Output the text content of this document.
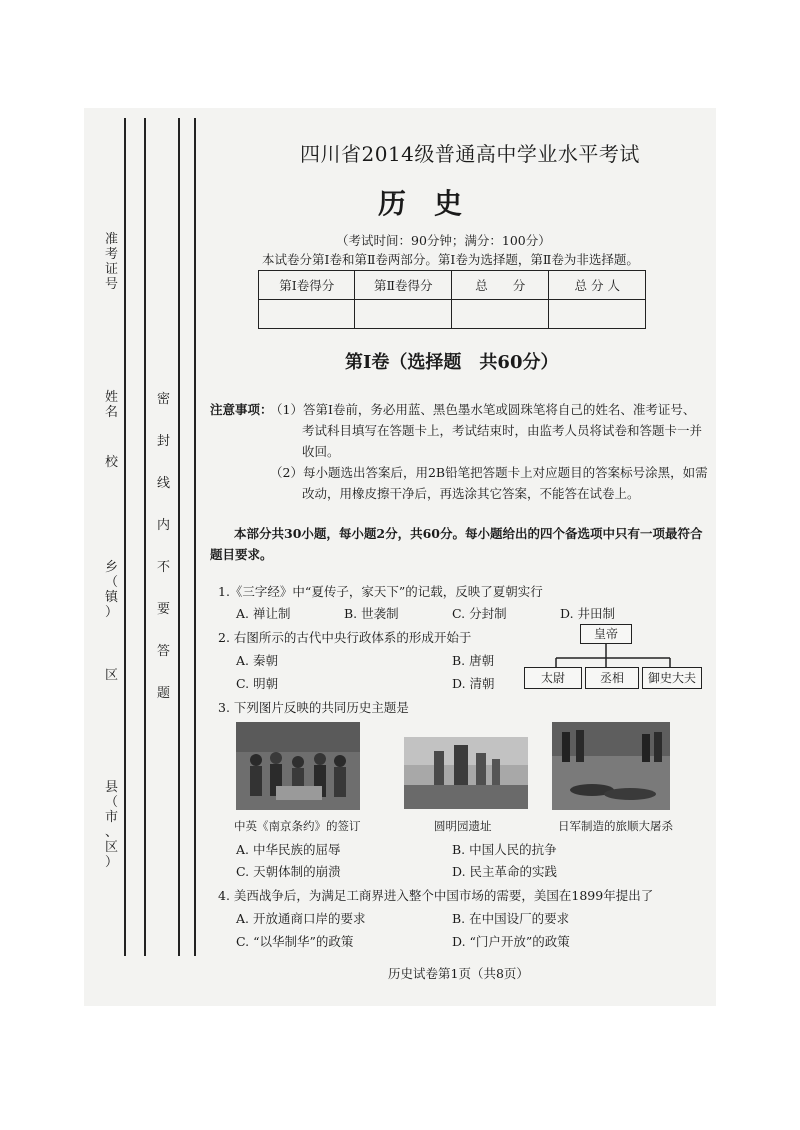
准
考
证
号
姓
名
校
乡
（
镇
）
区
县
（
市
、
区
）
密
封
线
内
不
要
答
题
四川省2014级普通高中学业水平考试
历史
（考试时间：90分钟；满分：100分）
本试卷分第Ⅰ卷和第Ⅱ卷两部分。第Ⅰ卷为选择题，第Ⅱ卷为非选择题。
第Ⅰ卷得分	第Ⅱ卷得分	总　　分	总 分 人

第Ⅰ卷（选择题　共60分）
注意事项：
（1）答第Ⅰ卷前，务必用蓝、黑色墨水笔或圆珠笔将自己的姓名、准考证号、
考试科目填写在答题卡上，考试结束时，由监考人员将试卷和答题卡一并
收回。
（2）每小题选出答案后，用2B铅笔把答题卡上对应题目的答案标号涂黑，如需
改动，用橡皮擦干净后，再选涂其它答案，不能答在试卷上。
本部分共30小题，每小题2分，共60分。每小题给出的四个备选项中只有一项最符合
题目要求。
1.《三字经》中“夏传子，家天下”的记载，反映了夏朝实行
A. 禅让制	B. 世袭制	C. 分封制	D. 井田制
2. 右图所示的古代中央行政体系的形成开始于
A. 秦朝	B. 唐朝
C. 明朝	D. 清朝
皇帝
太尉	丞相	御史大夫
3. 下列图片反映的共同历史主题是
中英《南京条约》的签订	圆明园遗址	日军制造的旅顺大屠杀
A. 中华民族的屈辱	B. 中国人民的抗争
C. 天朝体制的崩溃	D. 民主革命的实践
4. 美西战争后，为满足工商界进入整个中国市场的需要，美国在1899年提出了
A. 开放通商口岸的要求	B. 在中国设厂的要求
C. “以华制华”的政策	D. “门户开放”的政策
历史试卷第1页（共8页）
